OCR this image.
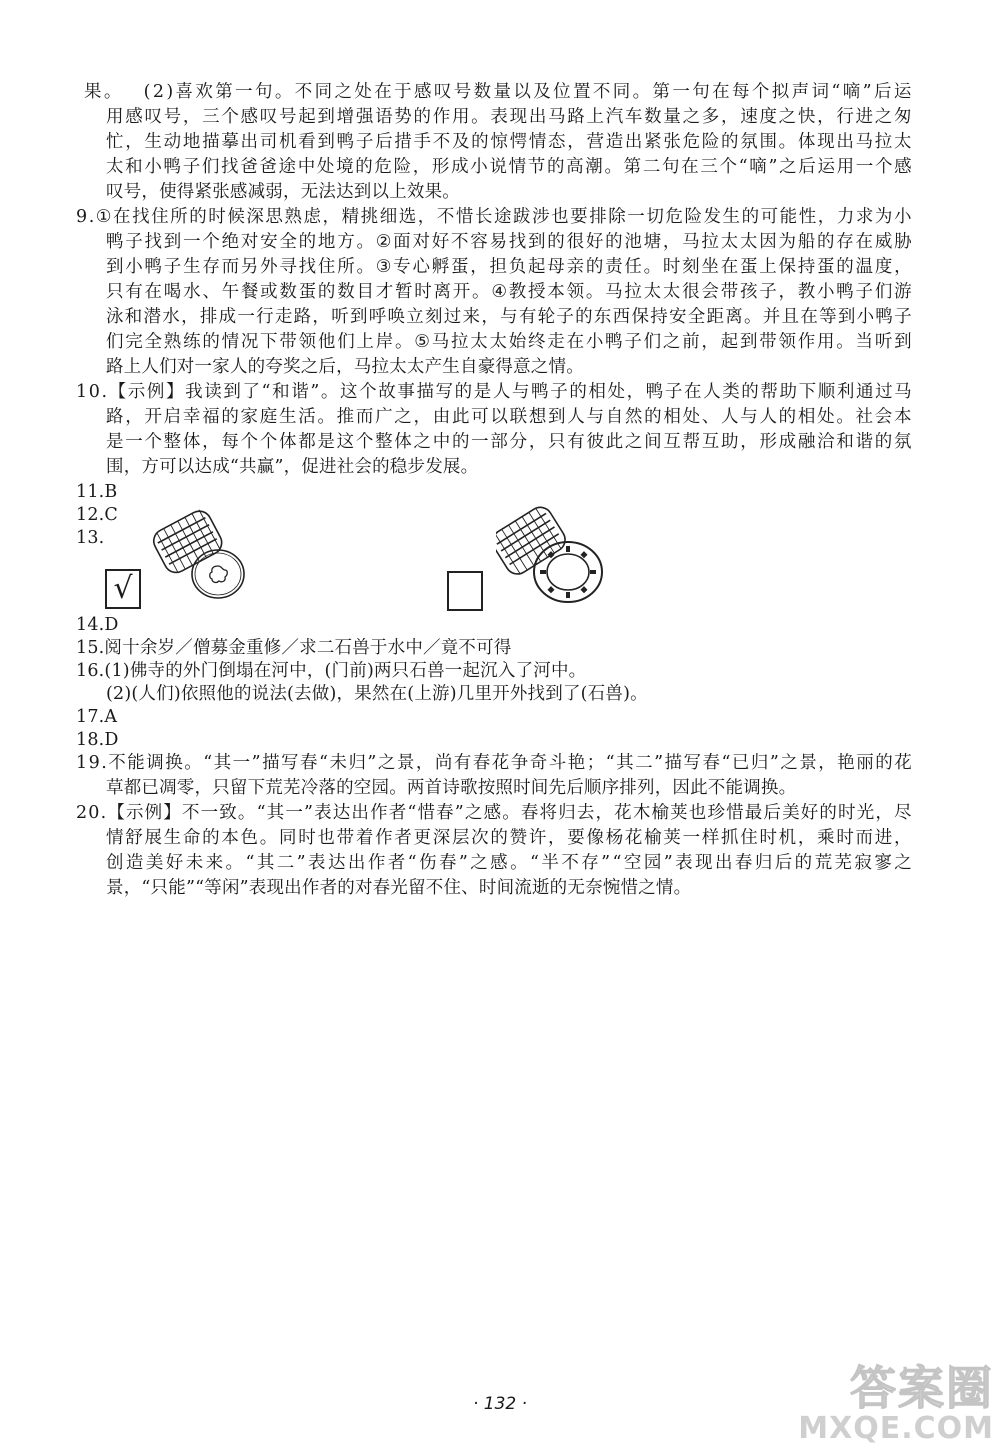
果 。
　 ( 2 ) 喜 欢 第 一 句 。 不 同 之 处 在 于 感 叹 号 数 量 以 及 位 置 不 同 。 第 一 句 在 每 个 拟 声 词 “ 嘀 ” 后 运
用 感 叹 号 ， 三 个 感 叹 号 起 到 增 强 语 势 的 作 用 。 表 现 出 马 路 上 汽 车 数 量 之 多 ， 速 度 之 快 ， 行 进 之 匆
忙 ， 生 动 地 描 摹 出 司 机 看 到 鸭 子 后 措 手 不 及 的 惊 愕 情 态 ， 营 造 出 紧 张 危 险 的 氛 围 。 体 现 出 马 拉 太
太 和 小 鸭 子 们 找 爸 爸 途 中 处 境 的 危 险 ， 形 成 小 说 情 节 的 高 潮 。 第 二 句 在 三 个 “ 嘀 ” 之 后 运 用 一 个 感
叹号，使得紧张感减弱，无法达到以上效果。
9 . ① 在 找 住 所 的 时 候 深 思 熟 虑 ， 精 挑 细 选 ， 不 惜 长 途 跋 涉 也 要 排 除 一 切 危 险 发 生 的 可 能 性 ， 力 求 为 小
鸭 子 找 到 一 个 绝 对 安 全 的 地 方 。 ② 面 对 好 不 容 易 找 到 的 很 好 的 池 塘 ， 马 拉 太 太 因 为 船 的 存 在 威 胁
到 小 鸭 子 生 存 而 另 外 寻 找 住 所 。 ③ 专 心 孵 蛋 ， 担 负 起 母 亲 的 责 任 。 时 刻 坐 在 蛋 上 保 持 蛋 的 温 度 ，
只 有 在 喝 水 、 午 餐 或 数 蛋 的 数 目 才 暂 时 离 开 。 ④ 教 授 本 领 。 马 拉 太 太 很 会 带 孩 子 ， 教 小 鸭 子 们 游
泳 和 潜 水 ， 排 成 一 行 走 路 ， 听 到 呼 唤 立 刻 过 来 ， 与 有 轮 子 的 东 西 保 持 安 全 距 离 。 并 且 在 等 到 小 鸭 子
们 完 全 熟 练 的 情 况 下 带 领 他 们 上 岸 。 ⑤ 马 拉 太 太 始 终 走 在 小 鸭 子 们 之 前 ， 起 到 带 领 作 用 。 当 听 到
路上人们对一家人的夸奖之后，马拉太太产生自豪得意之情。
1 0 . 【 示 例 】 我 读 到 了 “ 和 谐 ” 。 这 个 故 事 描 写 的 是 人 与 鸭 子 的 相 处 ， 鸭 子 在 人 类 的 帮 助 下 顺 利 通 过 马
路 ， 开 启 幸 福 的 家 庭 生 活 。 推 而 广 之 ， 由 此 可 以 联 想 到 人 与 自 然 的 相 处 、 人 与 人 的 相 处 。 社 会 本
是 一 个 整 体 ， 每 个 个 体 都 是 这 个 整 体 之 中 的 一 部 分 ， 只 有 彼 此 之 间 互 帮 互 助 ， 形 成 融 洽 和 谐 的 氛
围，方可以达成“共赢”，促进社会的稳步发展。
11.B
12.C
13.
√
14.D
15.阅十余岁／僧募金重修／求二石兽于水中／竟不可得
16.(1)佛寺的外门倒塌在河中，(门前)两只石兽一起沉入了河中。
(2)(人们)依照他的说法(去做)，果然在(上游)几里开外找到了(石兽)。
17.A
18.D
1 9 . 不 能 调 换 。 “ 其 一 ” 描 写 春 “ 未 归 ” 之 景 ， 尚 有 春 花 争 奇 斗 艳 ； “ 其 二 ” 描 写 春 “ 已 归 ” 之 景 ， 艳 丽 的 花
草都已凋零，只留下荒芜冷落的空园。两首诗歌按照时间先后顺序排列，因此不能调换。
2 0 . 【 示 例 】 不 一 致 。 “ 其 一 ” 表 达 出 作 者 “ 惜 春 ” 之 感 。 春 将 归 去 ， 花 木 榆 荚 也 珍 惜 最 后 美 好 的 时 光 ， 尽
情 舒 展 生 命 的 本 色 。 同 时 也 带 着 作 者 更 深 层 次 的 赞 许 ， 要 像 杨 花 榆 荚 一 样 抓 住 时 机 ， 乘 时 而 进 ，
创 造 美 好 未 来 。 “ 其 二 ” 表 达 出 作 者 “ 伤 春 ” 之 感 。 “ 半 不 存 ” “ 空 园 ” 表 现 出 春 归 后 的 荒 芜 寂 寥 之
景，“只能”“等闲”表现出作者的对春光留不住、时间流逝的无奈惋惜之情。
· 132 ·	答案圈
MXQE.COM
